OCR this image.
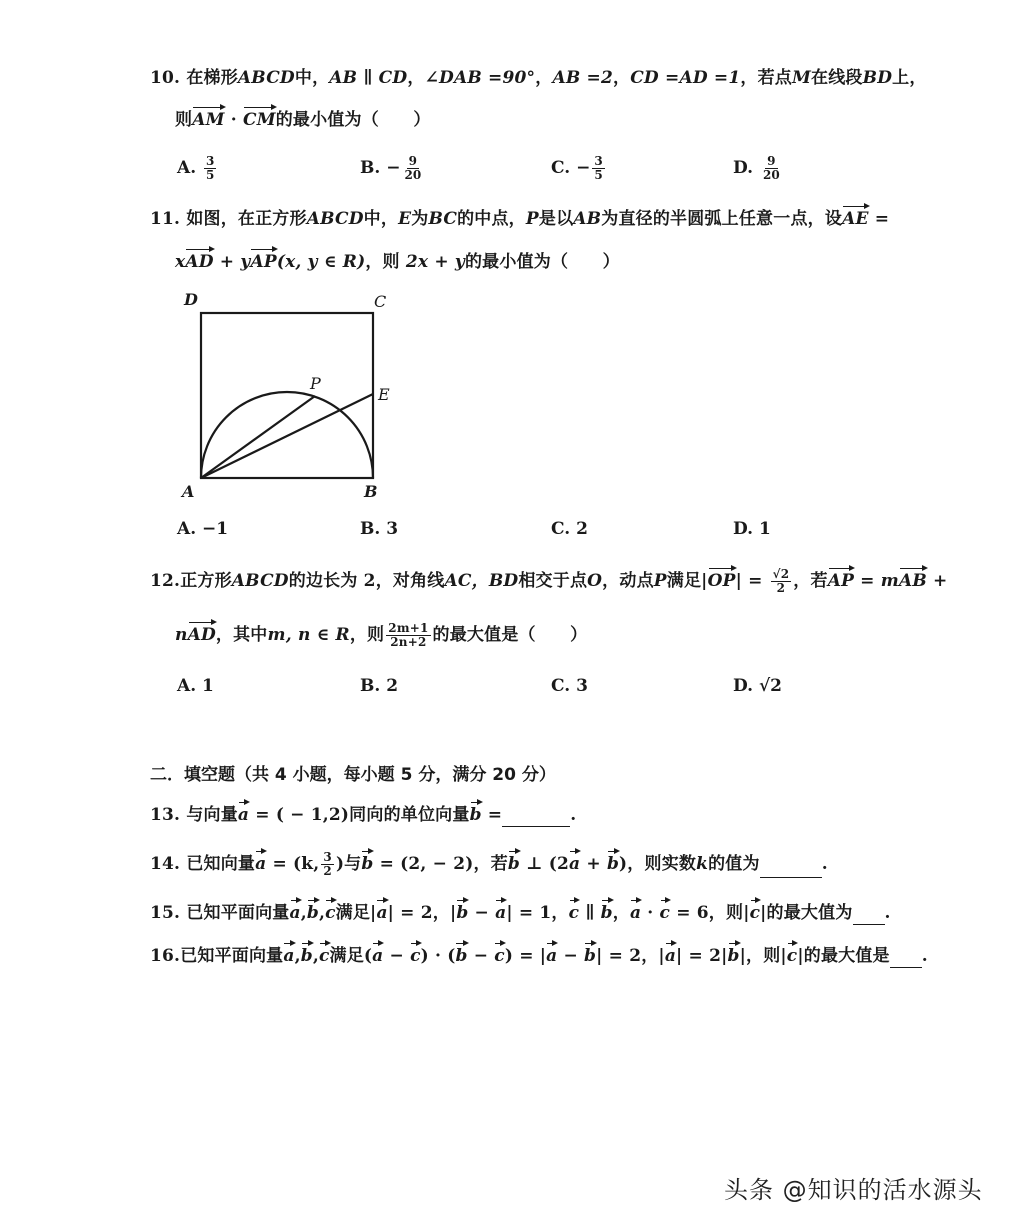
10. 在梯形ABCD中，AB ∥ CD，∠DAB =90°，AB =2，CD =AD =1，若点M在线段BD上，
则AM · CM的最小值为（　　）
A. $\frac{3}{5}$	B. − $\frac{9}{20}$	C. − $\frac{3}{5}$	D. $\frac{9}{20}$
11. 如图，在正方形ABCD中，E为BC的中点，P是以AB为直径的半圆弧上任意一点，设AE =
xAD + yAP(x, y ∈ R)，则 2x + y的最小值为（　　）
D	C
A	B
P
E
A. −1	B. 3	C. 2	D. 1
12.正方形ABCD的边长为 2，对角线AC，BD相交于点O，动点P满足$|OP| = \frac{√2}{2}$ ，若AP = mAB +
nAD，其中m, n ∈ R，则 $\frac{2m+1}{2n+2}$ 的最大值是（　　）
A. 1	B. 2	C. 3	D. √2
二．填空题（共 4 小题，每小题 5 分，满分 20 分）
13. 与向量a = ( − 1,2)同向的单位向量b =	.
14. 已知向量a = (k, $\frac{3}{2}$ )与b = (2, − 2)，若b ⊥ (2a + b)，则实数k的值为	.
15. 已知平面向量a,b,c满足|a| = 2，|b − a| = 1，c ∥ b，a · c = 6，则|c|的最大值为 .
16.已知平面向量a,b,c满足(a − c) · (b − c) = |a − b| = 2，|a| = 2|b|，则|c|的最大值是 .
头条 @知识的活水源头
